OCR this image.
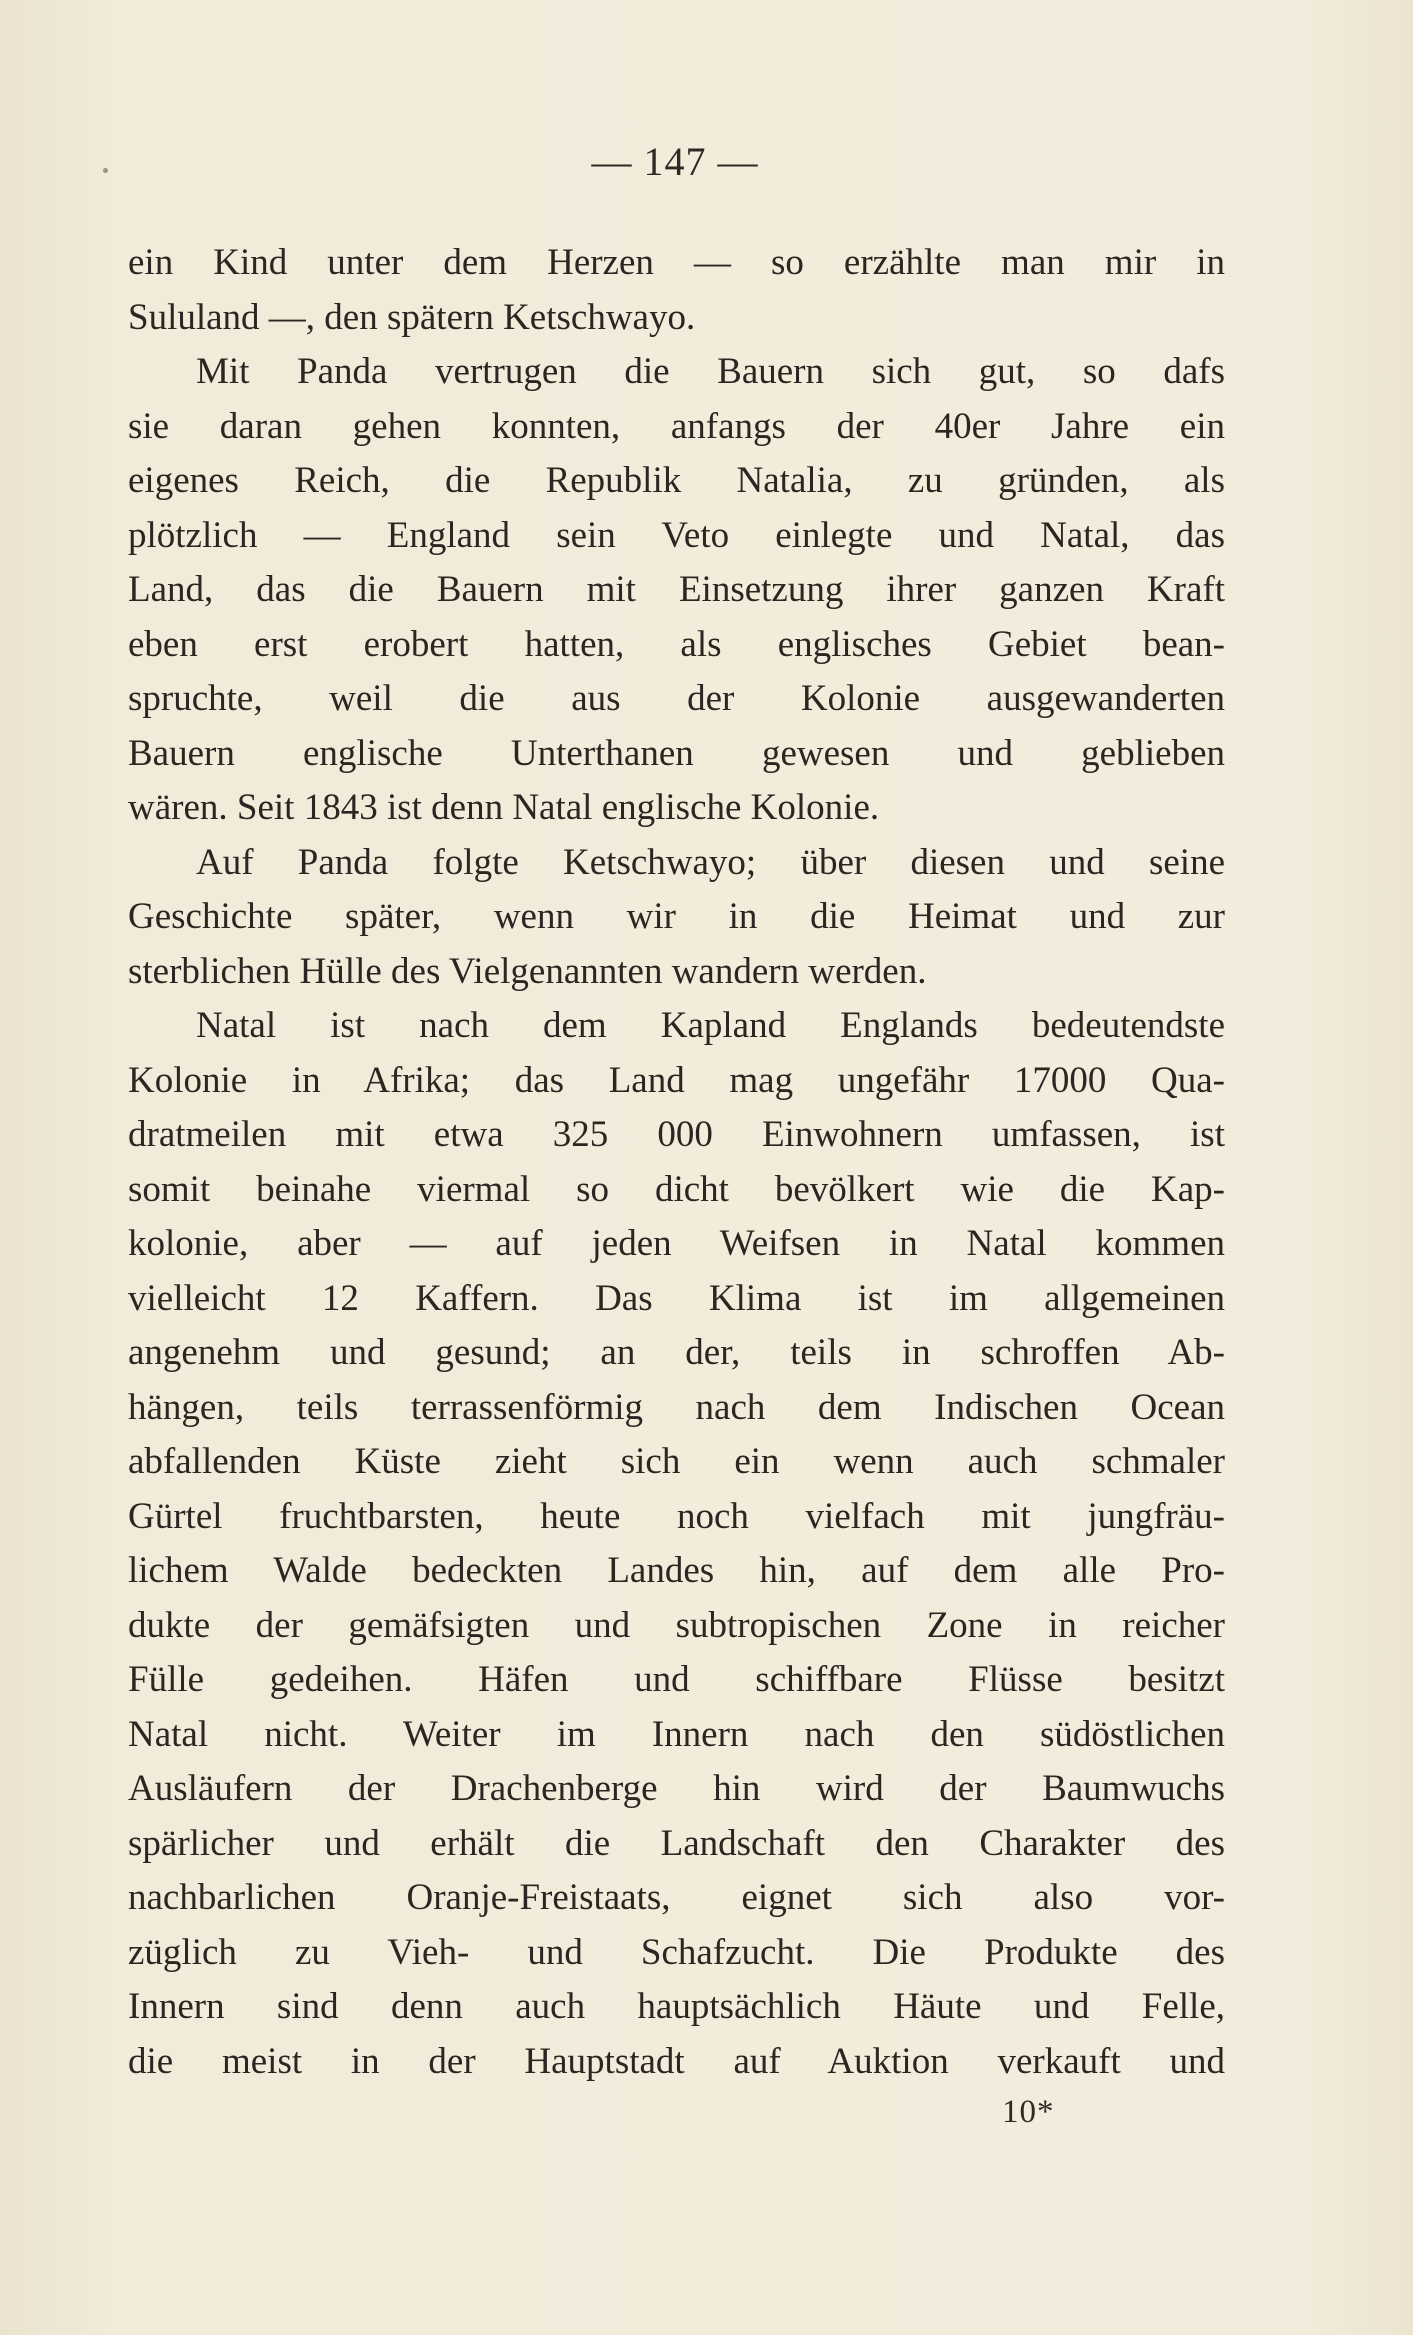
— 147 —
ein Kind unter dem Herzen — so erzählte man mir in
Sululand —, den spätern Ketschwayo.
Mit Panda vertrugen die Bauern sich gut, so dafs
sie daran gehen konnten, anfangs der 40er Jahre ein
eigenes Reich, die Republik Natalia, zu gründen, als
plötzlich — England sein Veto einlegte und Natal, das
Land, das die Bauern mit Einsetzung ihrer ganzen Kraft
eben erst erobert hatten, als englisches Gebiet bean-
spruchte, weil die aus der Kolonie ausgewanderten
Bauern englische Unterthanen gewesen und geblieben
wären. Seit 1843 ist denn Natal englische Kolonie.
Auf Panda folgte Ketschwayo; über diesen und seine
Geschichte später, wenn wir in die Heimat und zur
sterblichen Hülle des Vielgenannten wandern werden.
Natal ist nach dem Kapland Englands bedeutendste
Kolonie in Afrika; das Land mag ungefähr 17000 Qua-
dratmeilen mit etwa 325 000 Einwohnern umfassen, ist
somit beinahe viermal so dicht bevölkert wie die Kap-
kolonie, aber — auf jeden Weifsen in Natal kommen
vielleicht 12 Kaffern. Das Klima ist im allgemeinen
angenehm und gesund; an der, teils in schroffen Ab-
hängen, teils terrassenförmig nach dem Indischen Ocean
abfallenden Küste zieht sich ein wenn auch schmaler
Gürtel fruchtbarsten, heute noch vielfach mit jungfräu-
lichem Walde bedeckten Landes hin, auf dem alle Pro-
dukte der gemäfsigten und subtropischen Zone in reicher
Fülle gedeihen. Häfen und schiffbare Flüsse besitzt
Natal nicht. Weiter im Innern nach den südöstlichen
Ausläufern der Drachenberge hin wird der Baumwuchs
spärlicher und erhält die Landschaft den Charakter des
nachbarlichen Oranje-Freistaats, eignet sich also vor-
züglich zu Vieh- und Schafzucht. Die Produkte des
Innern sind denn auch hauptsächlich Häute und Felle,
die meist in der Hauptstadt auf Auktion verkauft und
10*
